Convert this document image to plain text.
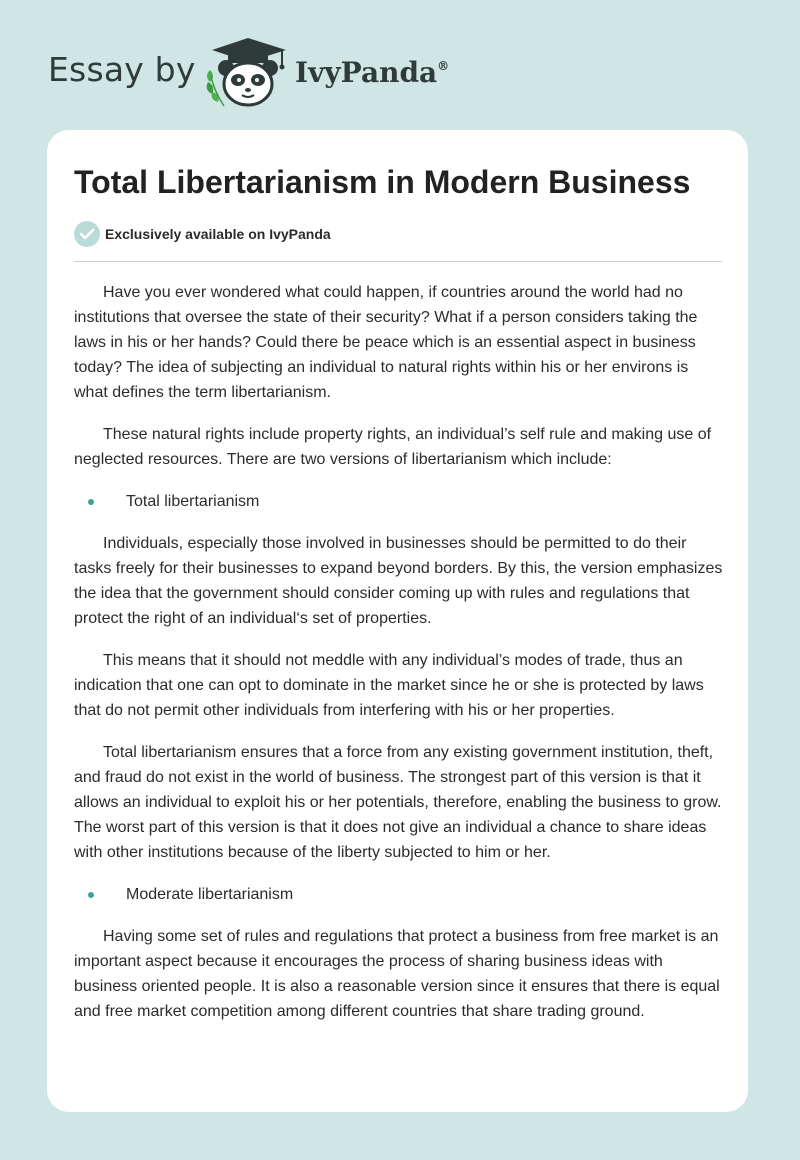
Essay by	IvyPanda®
Total Libertarianism in Modern Business
Exclusively available on IvyPanda

Have you ever wondered what could happen, if countries around the world had no institutions that oversee the state of their security? What if a person considers taking the laws in his or her hands? Could there be peace which is an essential aspect in business today? The idea of subjecting an individual to natural rights within his or her environs is what defines the term libertarianism.

These natural rights include property rights, an individual’s self rule and making use of neglected resources. There are two versions of libertarianism which include:

Total libertarianism

Individuals, especially those involved in businesses should be permitted to do their tasks freely for their businesses to expand beyond borders. By this, the version emphasizes the idea that the government should consider coming up with rules and regulations that protect the right of an individual‘s set of properties.

This means that it should not meddle with any individual’s modes of trade, thus an indication that one can opt to dominate in the market since he or she is protected by laws that do not permit other individuals from interfering with his or her properties.

Total libertarianism ensures that a force from any existing government institution, theft, and fraud do not exist in the world of business. The strongest part of this version is that it allows an individual to exploit his or her potentials, therefore, enabling the business to grow. The worst part of this version is that it does not give an individual a chance to share ideas with other institutions because of the liberty subjected to him or her.

Moderate libertarianism

Having some set of rules and regulations that protect a business from free market is an important aspect because it encourages the process of sharing business ideas with business oriented people. It is also a reasonable version since it ensures that there is equal and free market competition among different countries that share trading ground.
